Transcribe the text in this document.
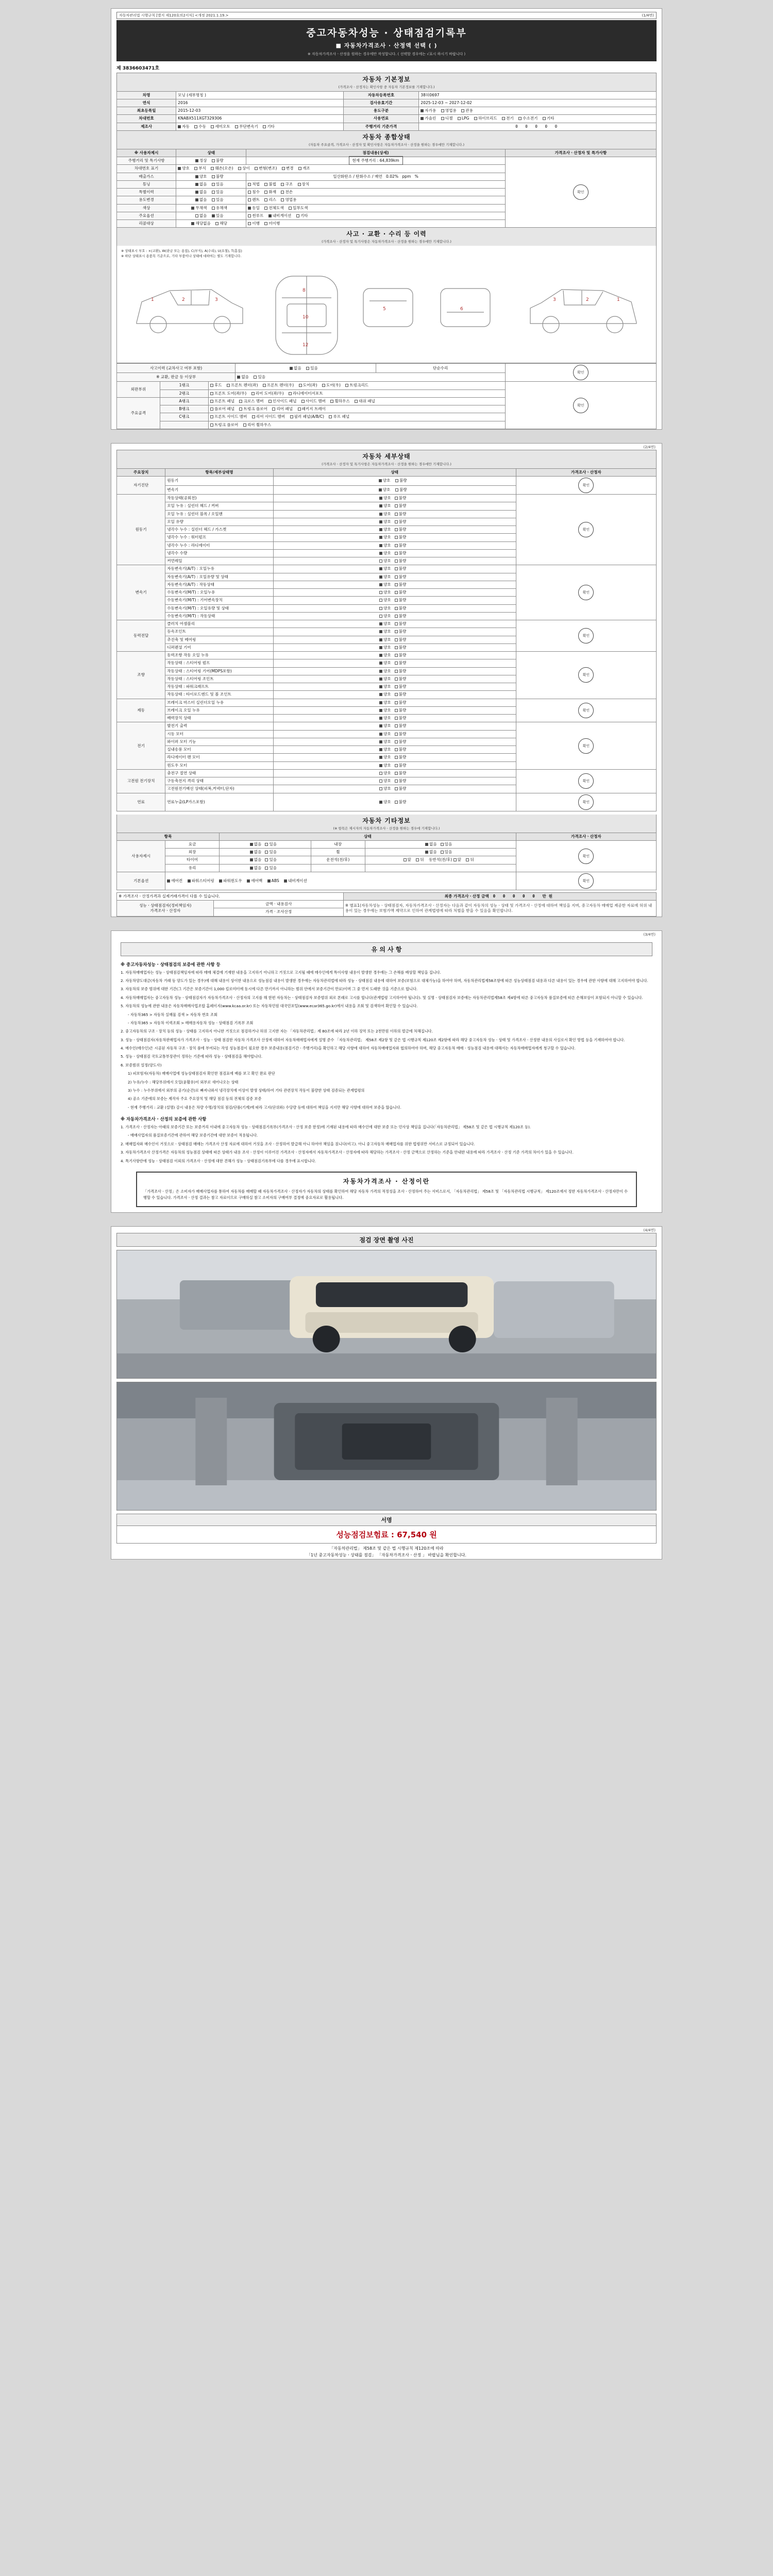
자동차관리법 시행규칙 [별지 제120호의2서식] <개정 2021.1.19.>	(1/4면)
중고자동차성능 · 상태점검기록부
■ 자동차가격조사 · 산정액 선택 ( )
※ 자동차가격조사ㆍ산정을 원하는 경우에만 작성합니다. ( 선택할 경우에는 √표시 하시기 바랍니다 )
제 3836603471호
자동차 기본정보
(가격조사ㆍ산정자는 확인사항 중 자동차 기본정보를 기재합니다.)
차명	모닝 (세부명칭 )	자동차등록번호	38허0697
연식	2016	검사유효기간	2025-12-03 ~ 2027-12-02
최초등록일	2015-12-03	용도구분	자가용 영업용 관용
차대번호	KNABX511XGT329306	사용연료	가솔린 디젤 LPG 하이브리드 전기 수소전기 기타
제조사	자동 수동 세미오토 무단변속기 기타	주행거리 기준가격	0 0 0 0 0
자동차 종합상태
(자동차 주요골격, 가격조사ㆍ산정자 및 확인사항은 자동차가격조사ㆍ산정을 원하는 경우에만 기재합니다.)
※ 사용자제시	상태	점검내용(상세)	가격조사ㆍ산정자 및 특가사항
주행거리 및 특기사항	정상 불량	현재 주행거리 : 64,839km	확인
차대번호 표기	양호 부식 훼손(오손) 상이 변형(변조) 변경 개조		
배출가스	양호 불량	일산화탄소 / 탄화수소 / 매연 0.02% ppm %	
튜닝	없음 있음	적법 불법 구조 장치	
특별이력	없음 있음	침수 화재 전손	
용도변경	없음 있음	렌트 리스 영업용	
색상	무채색 유채색	동일 전체도색 일부도색	
주요옵션	없음 있음	썬루프 내비게이션 기타	
리콜대상	해당없음 해당	이행 미이행	
사고 · 교환 · 수리 등 이력
(가격조사ㆍ산정자 및 특기사항은 자동차가격조사ㆍ산정을 원하는 경우에만 기재합니다.)
※ 상태표시 부호 : ×(교환), W(판금 또는 용접), C(부식), A(수리), U(요철), T(흠집)
※ 하단 상태표시 용품목 기준으로, 기타 부품이나 상태에 대하여는 별도 기재합니다.
1	2	3
10
8
12
5	6
1
2
3
사고이력 (교차사고 여부 포함)	없음 있음	단순수리	확인
※ 교환, 판금 등 이상부	없음 있음		
외판부위	1랭크	후드 프론트 펜더(좌) 프론트 펜더(우) 도어(좌) 도어(우) 트렁크리드	확인
	2랭크	프론트 도어(좌/우) 리어 도어(좌/우) 라디에이터서포트	
주요골격	A랭크	프론트 패널 크로스 멤버 인사이드 패널 사이드 멤버 휠하우스 대쉬 패널	
	B랭크	플로어 패널 트렁크 플로어 리어 패널 패키지 트레이	
	C랭크	프론트 사이드 멤버 리어 사이드 멤버 필러 패널(A/B/C) 루프 패널	
		트렁크 플로어 리어 휠하우스	
(2/4면)
자동차 세부상태
(가격조사ㆍ산정자 및 특기사항은 자동차가격조사ㆍ산정을 원하는 경우에만 기재합니다.)
주요장치	항목/세부상태명	상태	가격조사ㆍ산정자
자기진단	원동기	양호 불량	확인
	변속기	양호 불량	
원동기	작동상태(공회전)	양호 불량	확인
	오일 누유 : 실린더 헤드 / 커버	양호 불량	
	오일 누유 : 실린더 블록 / 오일팬	양호 불량	
	오일 유량	양호 불량	
	냉각수 누수 : 실린더 헤드 / 가스켓	양호 불량	
	냉각수 누수 : 워터펌프	양호 불량	
	냉각수 누수 : 라디에이터	양호 불량	
	냉각수 수량	양호 불량	
	커먼레일	양호 불량	
변속기	자동변속기(A/T) : 오일누유	양호 불량	확인
	자동변속기(A/T) : 오일유량 및 상태	양호 불량	
	자동변속기(A/T) : 작동상태	양호 불량	
	수동변속기(M/T) : 오일누유	양호 불량	
	수동변속기(M/T) : 기어변속장치	양호 불량	
	수동변속기(M/T) : 오일유량 및 상태	양호 불량	
	수동변속기(M/T) : 작동상태	양호 불량	
동력전달	클러치 어셈블리	양호 불량	확인
	등속조인트	양호 불량	
	추진축 및 베어링	양호 불량	
	디퍼렌셜 기어	양호 불량	
조향	동력조향 작동 오일 누유	양호 불량	확인
	작동상태 : 스티어링 펌프	양호 불량	
	작동상태 : 스티어링 기어(MDPS포함)	양호 불량	
	작동상태 : 스티어링 조인트	양호 불량	
	작동상태 : 파워크래프트	양호 불량	
	작동상태 : 타이로드엔드 및 볼 조인트	양호 불량	
제동	브레이크 마스터 실린더오일 누유	양호 불량	확인
	브레이크 오일 누유	양호 불량	
	배력장치 상태	양호 불량	
전기	발전기 출력	양호 불량	확인
	시동 모터	양호 불량	
	와이퍼 모터 기능	양호 불량	
	실내송풍 모터	양호 불량	
	라디에이터 팬 모터	양호 불량	
	윈도우 모터	양호 불량	
고전원 전기장치	충전구 절연 상태	양호 불량	확인
	구동축전지 격리 상태	양호 불량	
	고전원전기배선 상태(피복,커넥터,단자)	양호 불량	
연료	연료누출(LP가스포함)	양호 불량	확인
자동차 기타정보
(※ 항목은 제시자의 자동차가격조사ㆍ산정을 원하는 경우에 기재합니다.)
항목		상태			가격조사ㆍ산정자
사용자제시	요금	없음 있음	내장	없음 있음	확인
	외장	없음 있음	휠	없음 있음	
	타이어	없음 있음	운전석(전/후)	앞 뒤 동반석(전/후) 앞 뒤	
	유리	없음 있음			
기본옵션	에어컨 파워스티어링 파워윈도우 에어백 ABS 내비게이션				확인
※ 가격조사ㆍ산정가격과 실제거래가격이 다를 수 있습니다.		최종 가격조사ㆍ산정 금액 0 0 0 0 0 만원

성능ㆍ상태점검자(정비책임자)
가격조사ㆍ산정자	금액 · 내용검사	※ 별표1(자동차성능ㆍ상태점검자, 자동차가격조사ㆍ산정자는 다음과 같이 자동차의 성능ㆍ상태 및 가격조사ㆍ산정에 대하여 책임을 지며, 중고자동차 매매업 제공한 자료에 허위 내용이 있는 경우에는 보험가액 제약으로 인하여 관계법령에 따라 처벌을 받을 수 있음을 확인합니다.
	가격 · 조사산정	
(3/4면)
유 의 사 항
※ 중고자동차성능 · 상태점검의 보증에 관한 사항 등
1. 자동차매매업자는 성능ㆍ상태점검책임자에 따라 매매 체결에 기재한 내용을 고지하기 아니하고 거짓으로 고지될 때에 매수인에게 특이사항 내용이 발생한 경우에는 그 손해를 배상할 책임을 집니다.
2. 자동차양도대금(자동차 거래 등 양도가 있는 경우)에 대해 내용이 상이한 내용으로 성능점검 내용이 발생한 경우에는 자동차관리법에 따라 성능ㆍ상태점검 내용에 대하여 보증(보험으로 대체가능)을 하여야 하며, 자동차관리법제58조항에 따른 성능상태점검 내용과 다른 내용이 있는 경우에 관한 사항에 대해 고지하여야 합니다.
3. 자동차의 보증 범위에 대한 기간(그 기간은 보증기간이 1,000 킬로미터에 동시에 다른 만기까지 아니하는 범위 안에서 보증기간이 만료)이며 그 중 먼저 도래한 것을 기준으로 합니다.
4. 자동차매매업자는 중고자동차 성능ㆍ상태점검자가 자동차가격조사ㆍ산정자의 고지를 해 한편 자동차는ㆍ상태점검자 보증범위 외로 본래로 고시를 합니다(관계법령 고지하여야 됩니다). 및 실명ㆍ상태점검자 보증에는 자동차관리법제58조 제4항에 따른 중고자동차 품질보증에 따른 손해보상이 포함되지 아니할 수 있습니다.
5. 자동차의 성능에 관한 내용은 자동차매매사업조합 홈페이지(www.kcaa.or.kr) 또는 자동차민원 대국민포털(www.ecar365.go.kr)에서 내용을 조회 및 검색하여 확인할 수 있습니다.
- 자동차365 > 자동차 실매물 검색 > 자동차 번호 조회
- 자동차365 > 자동차 이력조회 > 매매용자동차 성능ㆍ상태점검 기록부 조회
2. 중고자동차의 구조ㆍ장치 등의 성능ㆍ상태를 고지하지 아니한 거짓으로 점검하거나 허위 고지한 자는 「자동차관리법」제 80조에 따라 2년 이하 징역 또는 2천만원 이하의 벌금에 처해집니다.
3. 성능ㆍ상태점검자(자동차판매업자가 가격조사ㆍ성능ㆍ상태 점검한 자동차 가격조사 산정에 대하여 자동차매매업자에게 설명 준수 「자동차관리법」 제58조 제2항 및 같은 법 시행규칙 제120조 제2항에 따라 해당 중고자동차 성능ㆍ상태 및 가격조사ㆍ산정한 내용의 사실로서 확인 방법 등을 기재하여야 합니다.
4. 매수인(매수인)은 시공된 자동차 구조ㆍ장치 품에 부여되는 작성 성능점검이 필요한 경우 보증내용(점검기간ㆍ주행거리)을 확인하고 해당 사항에 대하여 자동차매매업자와 협의하여야 하며, 해당 중고자동차 매매ㆍ성능점검 내용에 대해서는 자동차매매업자에게 청구할 수 있습니다.
5. 성능ㆍ상태점검 국토교통부장관이 정하는 기준에 따라 성능ㆍ상태점검을 해야합니다.
6. 보증범위 설정(양도사)
1) 피보험자(자동차) 매매사업에 성능상태점검자 확인한 점검표에 배를 보고 확인 완료 판단
2) 누유/누수 : 해당부위에서 오일(윤활유)이 외부로 새어나오는 상태
3) 누수 : 누수부위에서 외부의 공기(순간)로 빠져나와서 냉각장치에 이상이 발생 상태/하여 기타 관련장치 작동이 불량한 상태 검증되는 관계법령의
4) 공소 기준에의 보증는 제작자 주요 주요장치 및 해당 점검 등의 전체의 검증 보증
- 현재 주행거리 : 교환 (설명) 감시 내용은 차량 수명/장치의 점검/단품(기계)에 따라 고지(단위와) 수당량 등에 대하여 책임을 지지만 해당 사항에 대하여 보증을 않습니다.
※ 자동차가격조사 · 산정의 보증에 관한 사항
1. 가격조사ㆍ산정자는 아래의 보증기간 또는 보증거리 이내에 중고자동차 성능ㆍ상태점검기록부(가격조사ㆍ산정 보증 한정)에 기재된 내용에 따라 매수인에 대한 보증 또는 민사상 책임을 집니다(「자동차관리법」 제58조 및 같은 법 시행규칙 제120조 등).
- 매매사업자의 품질보증기간에 관하여 해당 보증기간에 대한 보증이 적용됩니다.
2. 매매업자와 매수인이 거짓으로ㆍ상태점검 매매는 가격조사 산정 자료에 대하여 거짓을 조사ㆍ산정하여 발급해 아니 하여야 책임을 짐니다(비고). 아니 중고자동차 매매업자를 위한 법령위반 서비스로 규정되어 있습니다.
3. 자동차가격조사 산정가격은 자동차의 성능점검 상태에 따른 상태가 내용 조사ㆍ산정이 이루어진 가격조사ㆍ산정자에서 자동차가격조사ㆍ산정자에 따라 해당하는 가격조사ㆍ산정 금액으로 산정하는 기준을 안내한 내용에 따라 가격조사ㆍ산정 기준 가격의 차이가 있을 수 있습니다.
4. 특기사항란에 성능ㆍ상태점검 이외의 가격조사ㆍ산정에 대한 견해가 성능ㆍ상태점검기록부에 다를 경우에 표시합니다.
자동차가격조사 · 산정이란
「가격조사ㆍ산정」은 소비자가 매매사업자를 통하여 자동차를 매매할 때 자동차가격조사ㆍ산정자가 자동차의 상태를 확인하여 해당 자동차 가격의 적정성을 조사ㆍ산정하여 주는 서비스로서, 「자동차관리법」 제58조 및 「자동차관리법 시행규칙」 제120조에서 정한 자동차가격조사ㆍ산정자만이 수행할 수 있습니다. 가격조사ㆍ산정 결과는 참고 자료이므로 구매하실 참고 소비자의 구매여부 결정에 중요자료로 활용됩니다.
(4/4면)
점검 장면 촬영 사진
서명
성능점검보험료 : 67,540 원
「자동차관리법」 제58조 및 같은 법 시행규칙 제120조에 따라
「1년 중고자동차성능ㆍ상태를 점검」 「자동차가격조사ㆍ산정 」 바랍님을 확인합니다.
